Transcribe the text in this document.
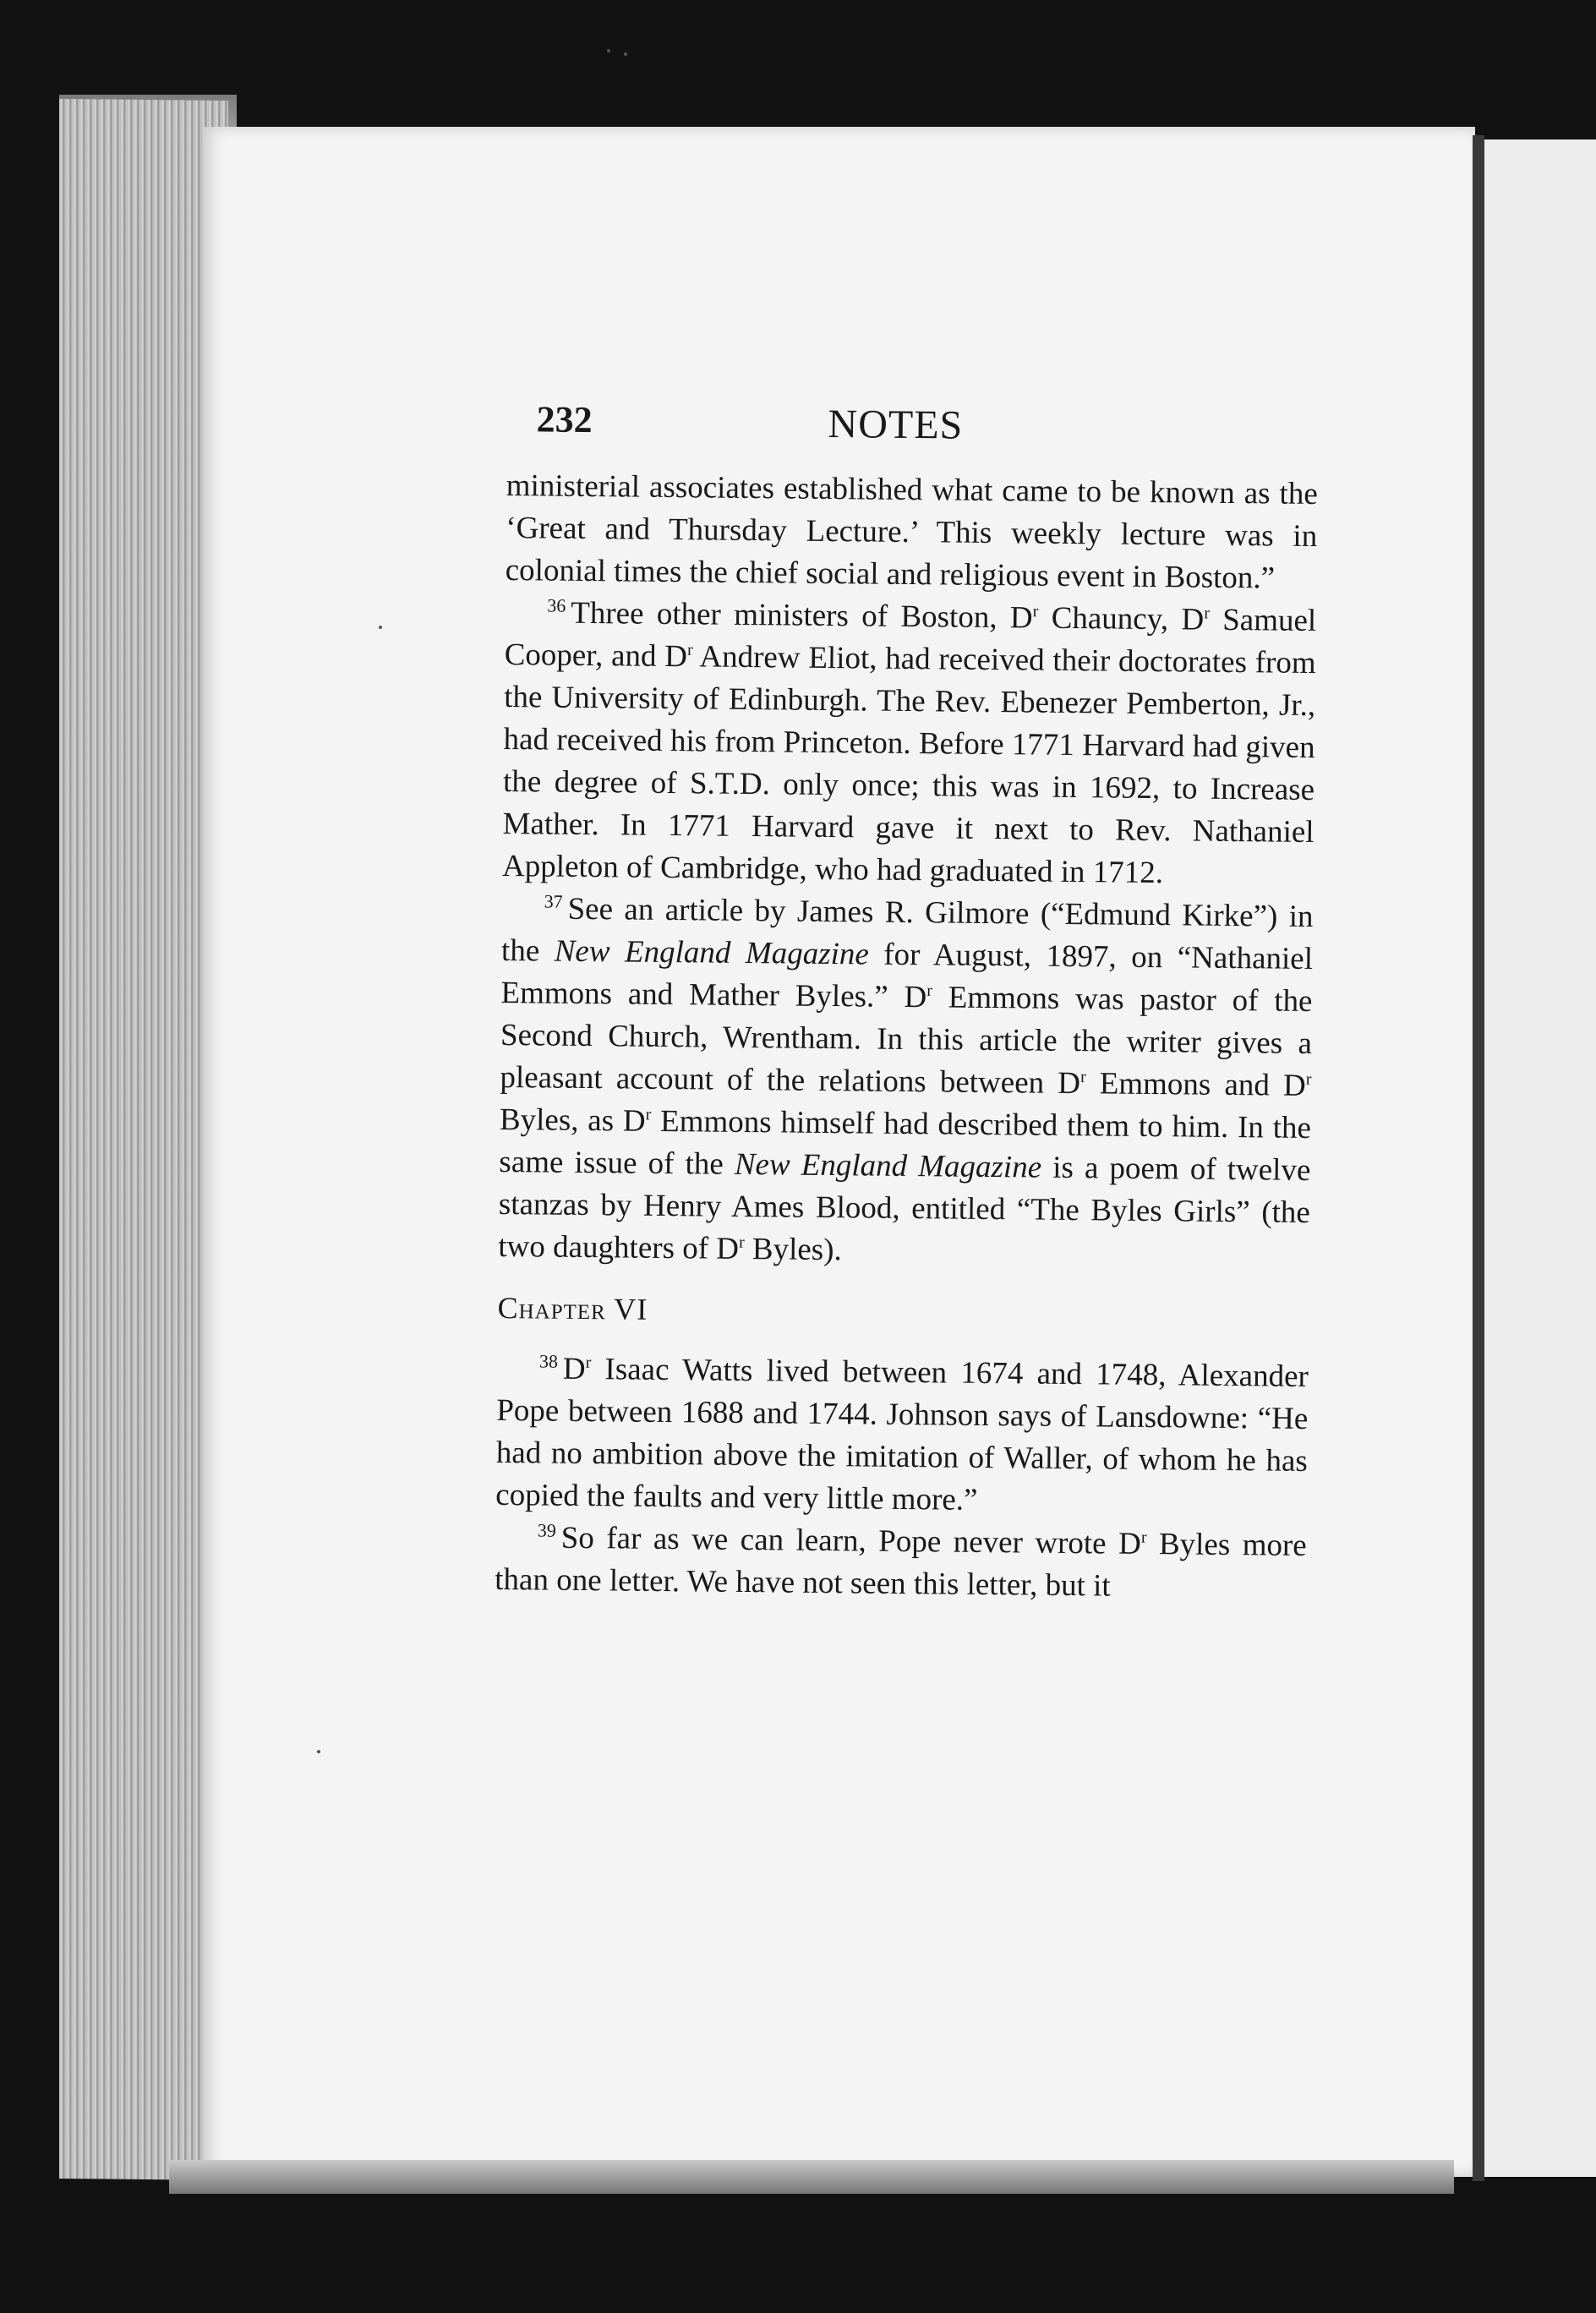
232	NOTES

ministerial associates established what came to be known as the ‘Great and Thursday Lecture.’ This weekly lecture was in colonial times the chief social and religious event in Boston.”

$^{36}$ Three other ministers of Boston, $D^r$ Chauncy, $D^r$ Samuel Cooper, and $D^r$ Andrew Eliot, had received their doctorates from the University of Edinburgh. The Rev. Ebenezer Pemberton, Jr., had received his from Princeton. Before 1771 Harvard had given the degree of S.T.D. only once; this was in 1692, to Increase Mather. In 1771 Harvard gave it next to Rev. Nathaniel Appleton of Cambridge, who had graduated in 1712.

$^{37}$ See an article by James R. Gilmore (“Edmund Kirke”) in the New England Magazine for August, 1897, on “Nathaniel Emmons and Mather Byles.” $D^r$ Emmons was pastor of the Second Church, Wrentham. In this article the writer gives a pleasant account of the relations between $D^r$ Emmons and $D^r$ Byles, as $D^r$ Emmons himself had described them to him. In the same issue of the New England Magazine is a poem of twelve stanzas by Henry Ames Blood, entitled “The Byles Girls” (the two daughters of $D^r$ Byles).

Chapter VI

$^{38}$ $D^r$ Isaac Watts lived between 1674 and 1748, Alexander Pope between 1688 and 1744. Johnson says of Lansdowne: “He had no ambition above the imitation of Waller, of whom he has copied the faults and very little more.”

$^{39}$ So far as we can learn, Pope never wrote $D^r$ Byles more than one letter. We have not seen this letter, but it
